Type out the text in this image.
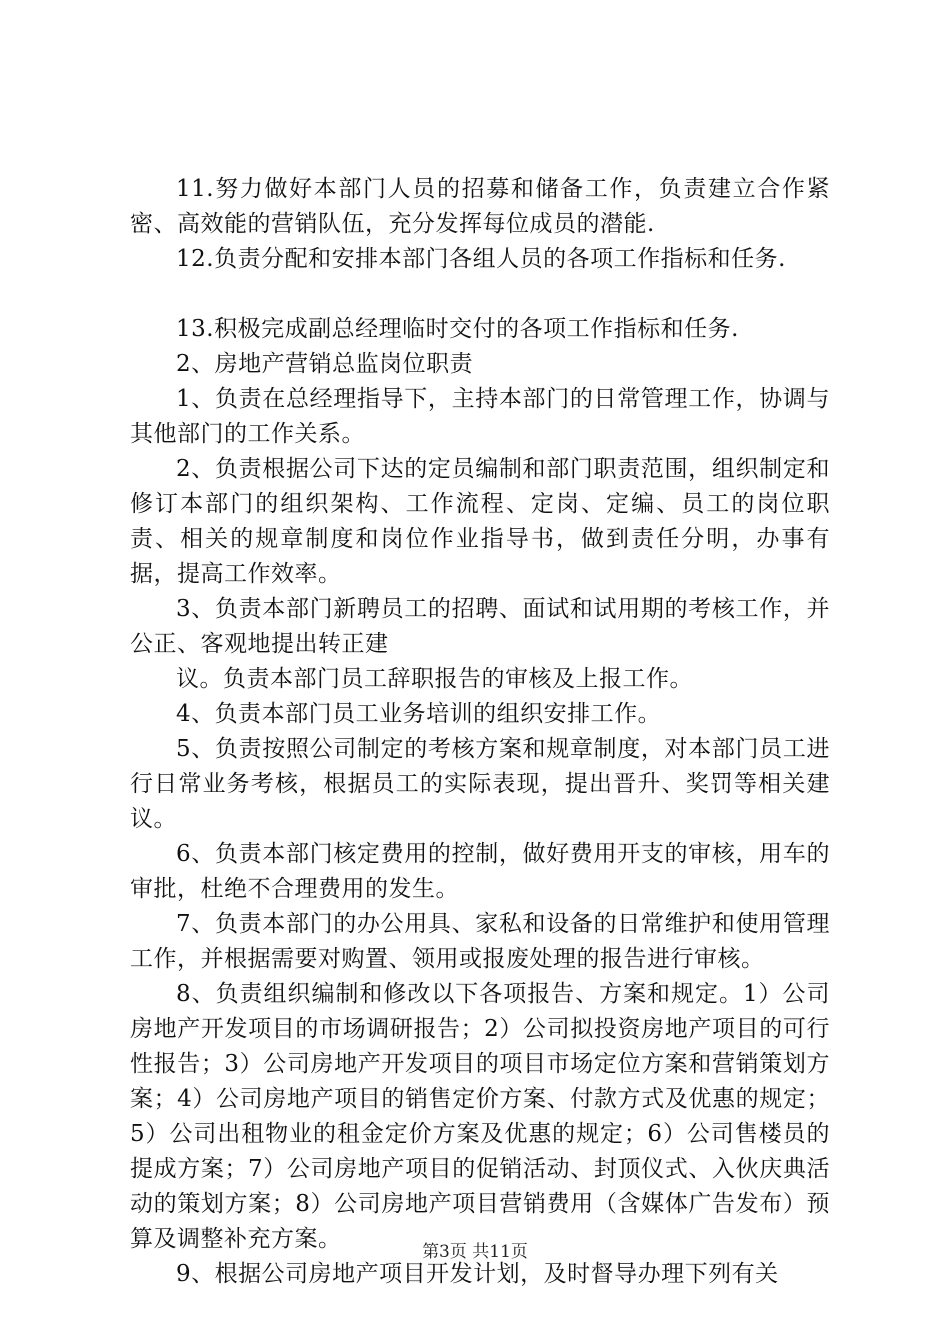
11.努力做好本部门人员的招募和储备工作，负责建立合作紧密、高效能的营销队伍，充分发挥每位成员的潜能.

12.负责分配和安排本部门各组人员的各项工作指标和任务.

13.积极完成副总经理临时交付的各项工作指标和任务.

2、房地产营销总监岗位职责

1、负责在总经理指导下，主持本部门的日常管理工作，协调与其他部门的工作关系。

2、负责根据公司下达的定员编制和部门职责范围，组织制定和修订本部门的组织架构、工作流程、定岗、定编、员工的岗位职责、相关的规章制度和岗位作业指导书，做到责任分明，办事有据，提高工作效率。

3、负责本部门新聘员工的招聘、面试和试用期的考核工作，并公正、客观地提出转正建

议。负责本部门员工辞职报告的审核及上报工作。

4、负责本部门员工业务培训的组织安排工作。

5、负责按照公司制定的考核方案和规章制度，对本部门员工进行日常业务考核，根据员工的实际表现，提出晋升、奖罚等相关建议。

6、负责本部门核定费用的控制，做好费用开支的审核，用车的审批，杜绝不合理费用的发生。

7、负责本部门的办公用具、家私和设备的日常维护和使用管理工作，并根据需要对购置、领用或报废处理的报告进行审核。

8、负责组织编制和修改以下各项报告、方案和规定。1）公司房地产开发项目的市场调研报告；2）公司拟投资房地产项目的可行性报告；3）公司房地产开发项目的项目市场定位方案和营销策划方案；4）公司房地产项目的销售定价方案、付款方式及优惠的规定；5）公司出租物业的租金定价方案及优惠的规定；6）公司售楼员的提成方案；7）公司房地产项目的促销活动、封顶仪式、入伙庆典活动的策划方案；8）公司房地产项目营销费用（含媒体广告发布）预算及调整补充方案。

9、根据公司房地产项目开发计划，及时督导办理下列有关

第3页 共11页
